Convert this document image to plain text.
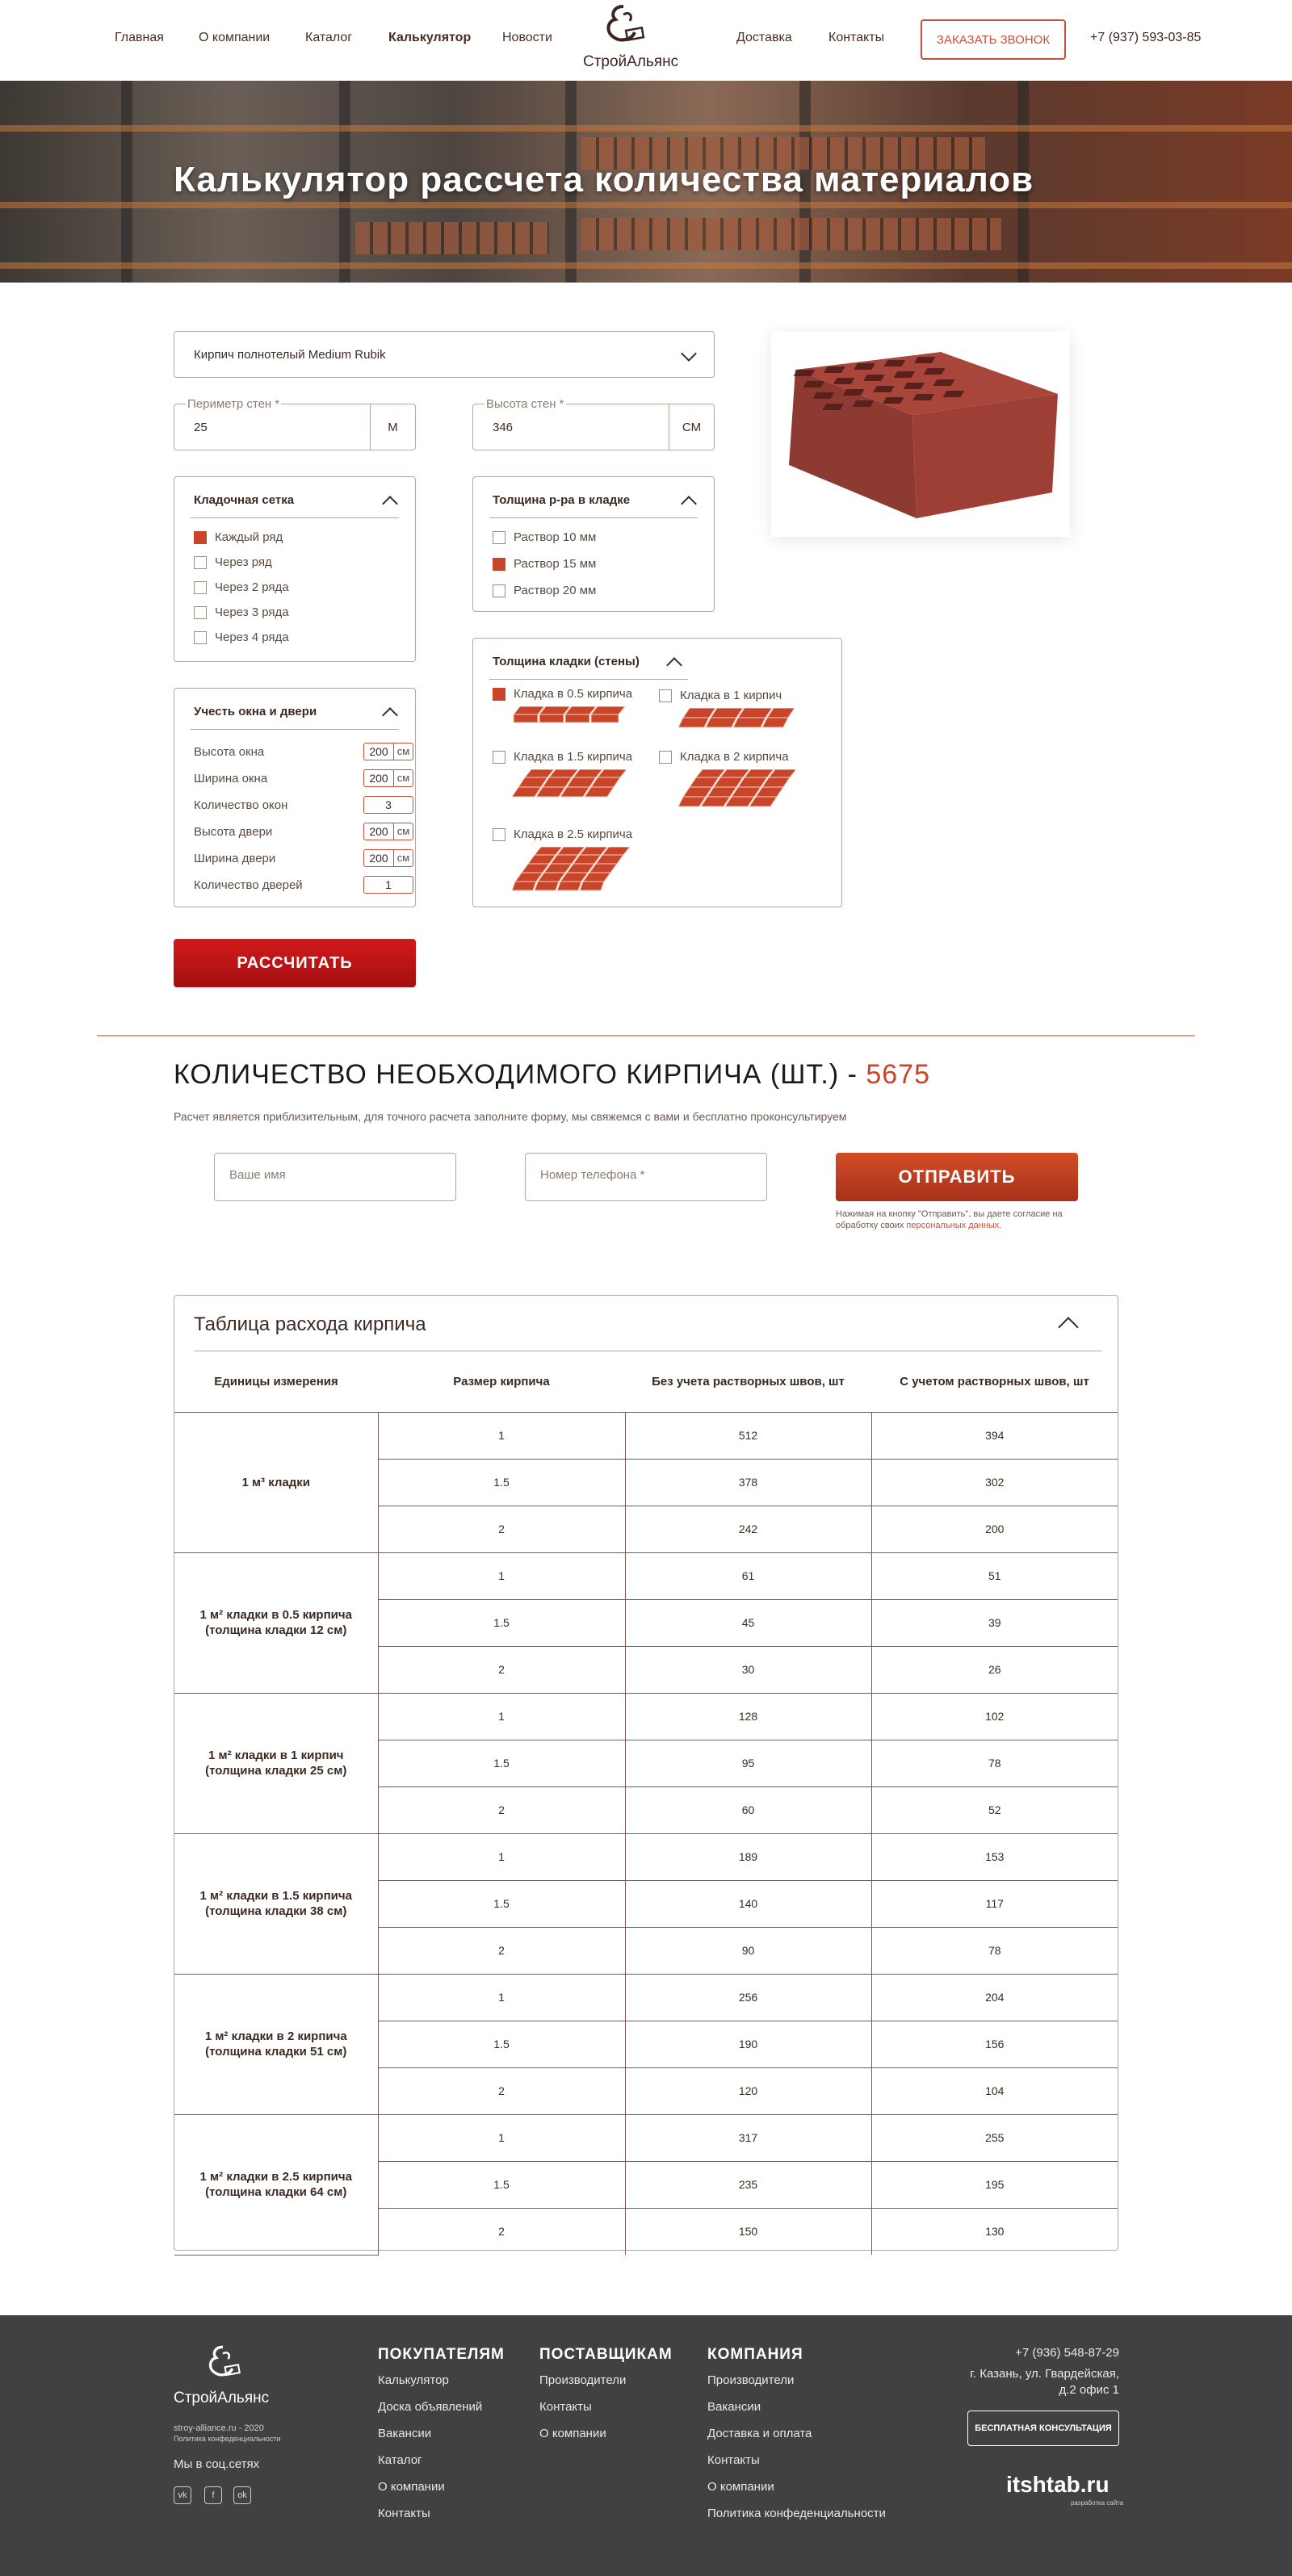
Главная	О компании	Каталог	Калькулятор Новости	Доставка	Контакты
СтройАльянс
ЗАКАЗАТЬ ЗВОНОК	+7 (937) 593-03-85
Калькулятор рассчета количества материалов
Кирпич полнотелый Medium Rubik
Периметр стен *
25	М
Высота стен *
346	СМ
Кладочная сетка
Каждый ряд
Через ряд
Через 2 ряда
Через 3 ряда
Через 4 ряда
Толщина р-ра в кладке
Раствор 10 мм
Раствор 15 мм
Раствор 20 мм
Учесть окна и двери
Высота окна	200 см
Ширина окна	200 см
Количество окон	3
Высота двери	200 см
Ширина двери	200 см
Количество дверей	1
Толщина кладки (стены)
Кладка в 0.5 кирпича	Кладка в 1 кирпич
Кладка в 1.5 кирпича	Кладка в 2 кирпича
Кладка в 2.5 кирпича
РАССЧИТАТЬ
КОЛИЧЕСТВО НЕОБХОДИМОГО КИРПИЧА (ШТ.) - 5675
Расчет является приблизительным, для точного расчета заполните форму, мы свяжемся с вами и бесплатно проконсультируем
Ваше имя	Номер телефона *	ОТПРАВИТЬ
Нажимая на кнопку "Отправить", вы даете согласие на обработку своих персональных данных.
Таблица расхода кирпича
Единицы измерения	Размер кирпича	Без учета растворных швов, шт	С учетом растворных швов, шт
1 м³ кладки	1	512	394
	1.5	378	302
	2	242	200
1 м² кладки в 0.5 кирпича (толщина кладки 12 см)	1	61	51
	1.5	45	39
	2	30	26
1 м² кладки в 1 кирпич (толщина кладки 25 см)	1	128	102
	1.5	95	78
	2	60	52
1 м² кладки в 1.5 кирпича (толщина кладки 38 см)	1	189	153
	1.5	140	117
	2	90	78
1 м² кладки в 2 кирпича (толщина кладки 51 см)	1	256	204
	1.5	190	156
	2	120	104
1 м² кладки в 2.5 кирпича (толщина кладки 64 см)	1	317	255
	1.5	235	195
	2	150	130
СтройАльянс
stroy-alliance.ru - 2020
Политика конфеденциальности
Мы в соц.сетях
vk	f	ok
ПОКУПАТЕЛЯМ
Калькулятор
Доска объявлений
Вакансии
Каталог
О компании
Контакты
ПОСТАВЩИКАМ
Производители
Контакты
О компании
КОМПАНИЯ
Производители
Вакансии
Доставка и оплата
Контакты
О компании
Политика конфеденциальности
+7 (936) 548-87-29
г. Казань, ул. Гвардейская,
д.2 офис 1
БЕСПЛАТНАЯ КОНСУЛЬТАЦИЯ
itshtab.ru
разработка сайта
